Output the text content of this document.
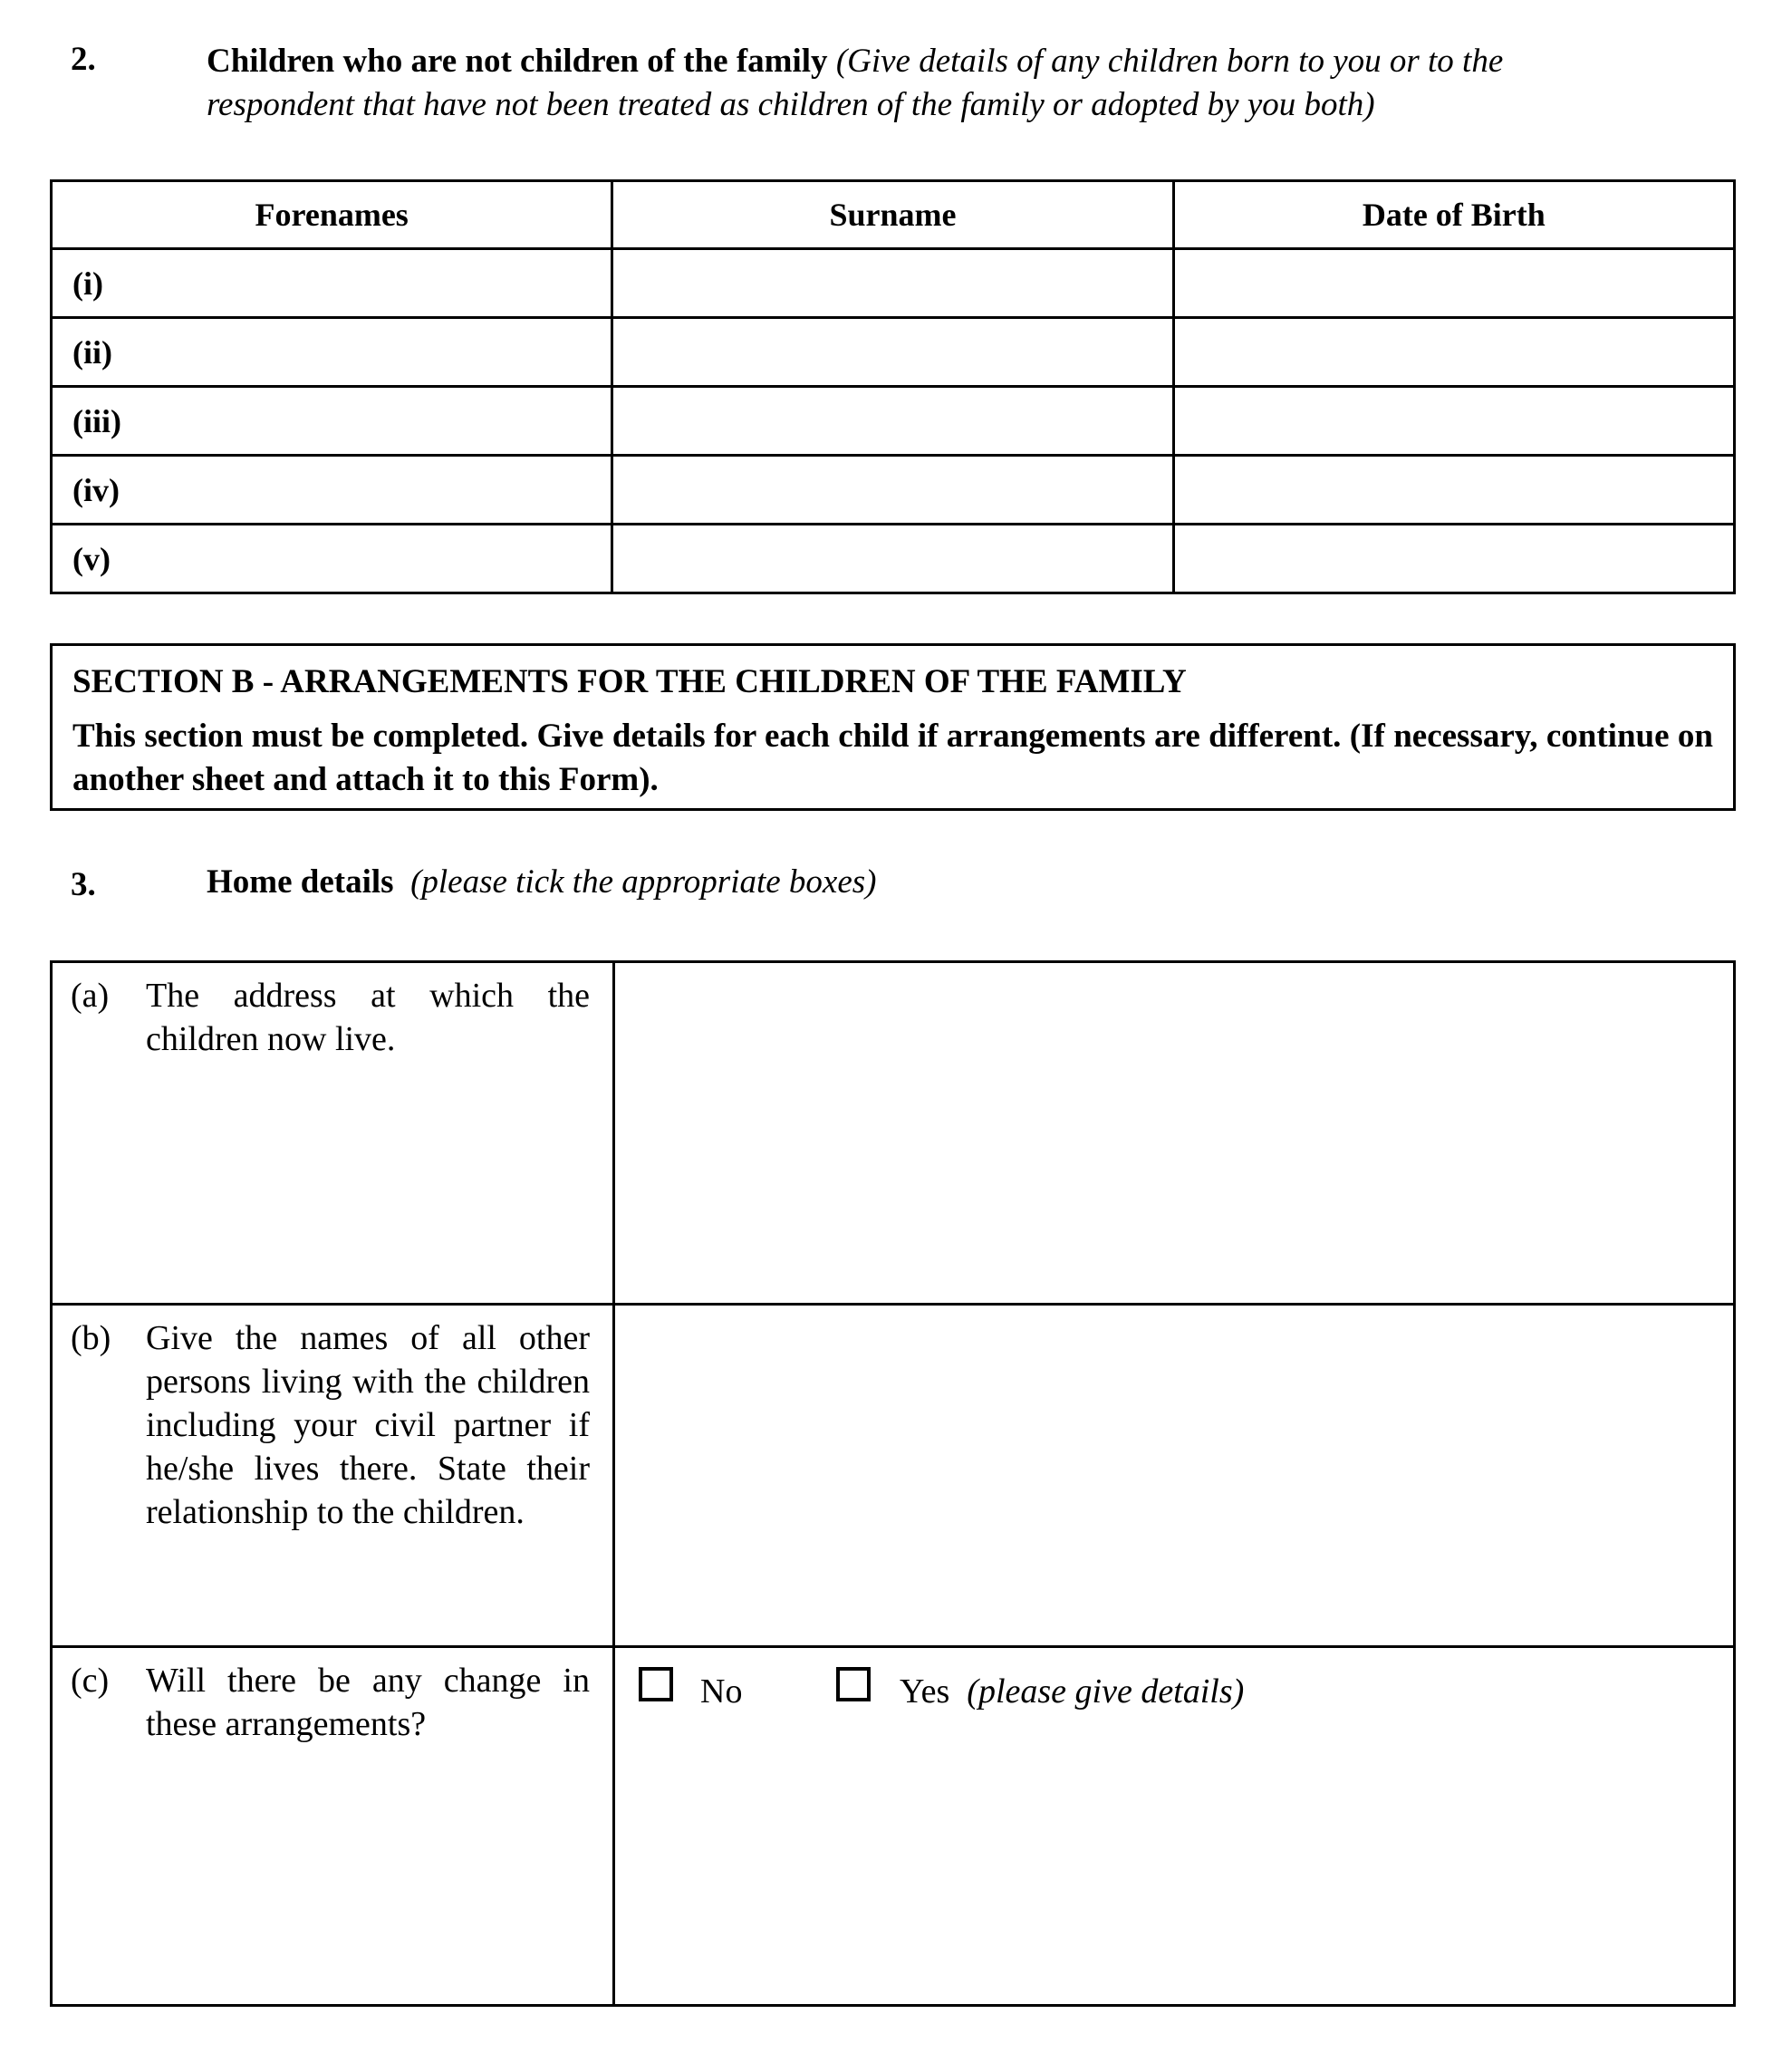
2.	Children who are not children of the family (Give details of any children born to you or to the
respondent that have not been treated as children of the family or adopted by you both)
Forenames	Surname	Date of Birth
(i)		
(ii)		
(iii)		
(iv)		
(v)		
SECTION B - ARRANGEMENTS FOR THE CHILDREN OF THE FAMILY
This section must be completed. Give details for each child if arrangements are different. (If necessary, continue on another sheet and attach it to this Form).
3.	Home details (please tick the appropriate boxes)
(a) The address at which the children now live.
(b) Give the names of all other persons living with the children including your civil partner if he/she lives there. State their relationship to the children.
(c) Will there be any change in these arrangements?
No	Yes (please give details)
